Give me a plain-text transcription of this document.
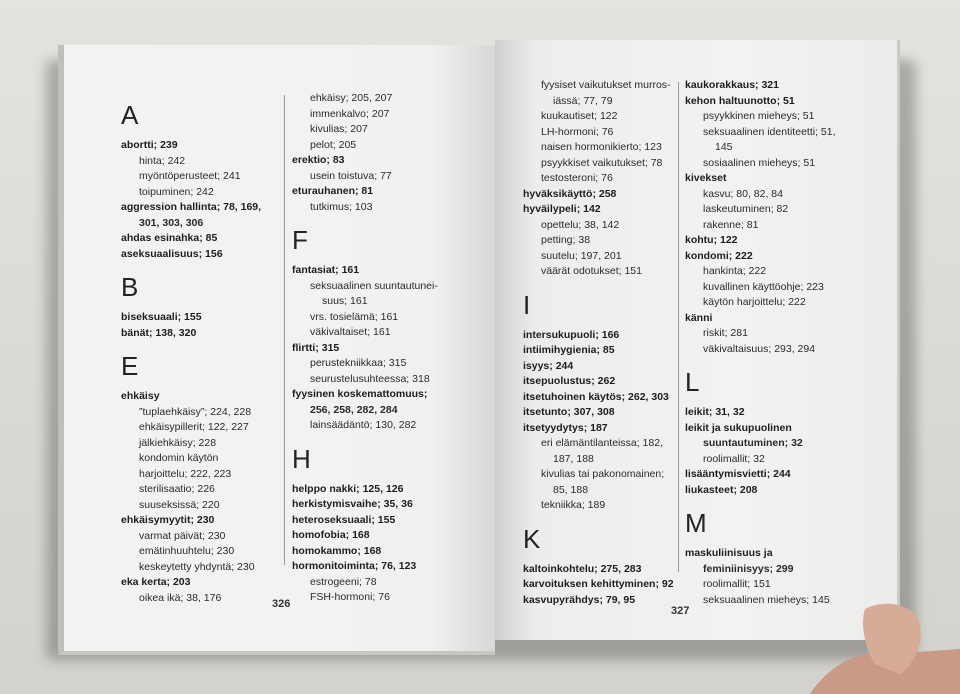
A
abortti; 239
hinta; 242
myöntöperusteet; 241
toipuminen; 242
aggression hallinta; 78, 169,
301, 303, 306
ahdas esinahka; 85
aseksuaalisuus; 156
B
biseksuaali; 155
bänät; 138, 320
E
ehkäisy
”tuplaehkäisy”; 224, 228
ehkäisypillerit; 122, 227
jälkiehkäisy; 228
kondomin käytön
harjoittelu; 222, 223
sterilisaatio; 226
suuseksissä; 220
ehkäisymyytit; 230
varmat päivät; 230
emätinhuuhtelu; 230
keskeytetty yhdyntä; 230
eka kerta; 203
oikea ikä; 38, 176
ehkäisy; 205, 207
immenkalvo; 207
kivulias; 207
pelot; 205
erektio; 83
usein toistuva; 77
eturauhanen; 81
tutkimus; 103
F
fantasiat; 161
seksuaalinen suuntautunei-
suus; 161
vrs. tosielämä; 161
väkivaltaiset; 161
flirtti; 315
perustekniikkaa; 315
seurustelusuhteessa; 318
fyysinen koskemattomuus;
256, 258, 282, 284
lainsäädäntö; 130, 282
H
helppo nakki; 125, 126
herkistymisvaihe; 35, 36
heteroseksuaali; 155
homofobia; 168
homokammo; 168
hormonitoiminta; 76, 123
estrogeeni; 78
FSH-hormoni; 76
326
fyysiset vaikutukset murros-
iässä; 77, 79
kuukautiset; 122
LH-hormoni; 76
naisen hormonikierto; 123
psyykkiset vaikutukset; 78
testosteroni; 76
hyväksikäyttö; 258
hyväilypeli; 142
opettelu; 38, 142
petting; 38
suutelu; 197, 201
väärät odotukset; 151
I
intersukupuoli; 166
intiimihygienia; 85
isyys; 244
itsepuolustus; 262
itsetuhoinen käytös; 262, 303
itsetunto; 307, 308
itsetyydytys; 187
eri elämäntilanteissa; 182,
187, 188
kivulias tai pakonomainen;
85, 188
tekniikka; 189
K
kaltoinkohtelu; 275, 283
karvoituksen kehittyminen; 92
kasvupyrähdys; 79, 95
kaukorakkaus; 321
kehon haltuunotto; 51
psyykkinen mieheys; 51
seksuaalinen identiteetti; 51,
145
sosiaalinen mieheys; 51
kivekset
kasvu; 80, 82, 84
laskeutuminen; 82
rakenne; 81
kohtu; 122
kondomi; 222
hankinta; 222
kuvallinen käyttöohje; 223
käytön harjoittelu; 222
känni
riskit; 281
väkivaltaisuus; 293, 294
L
leikit; 31, 32
leikit ja sukupuolinen
suuntautuminen; 32
roolimallit; 32
lisääntymisvietti; 244
liukasteet; 208
M
maskuliinisuus ja
feminiinisyys; 299
roolimallit; 151
seksuaalinen mieheys; 145
327
